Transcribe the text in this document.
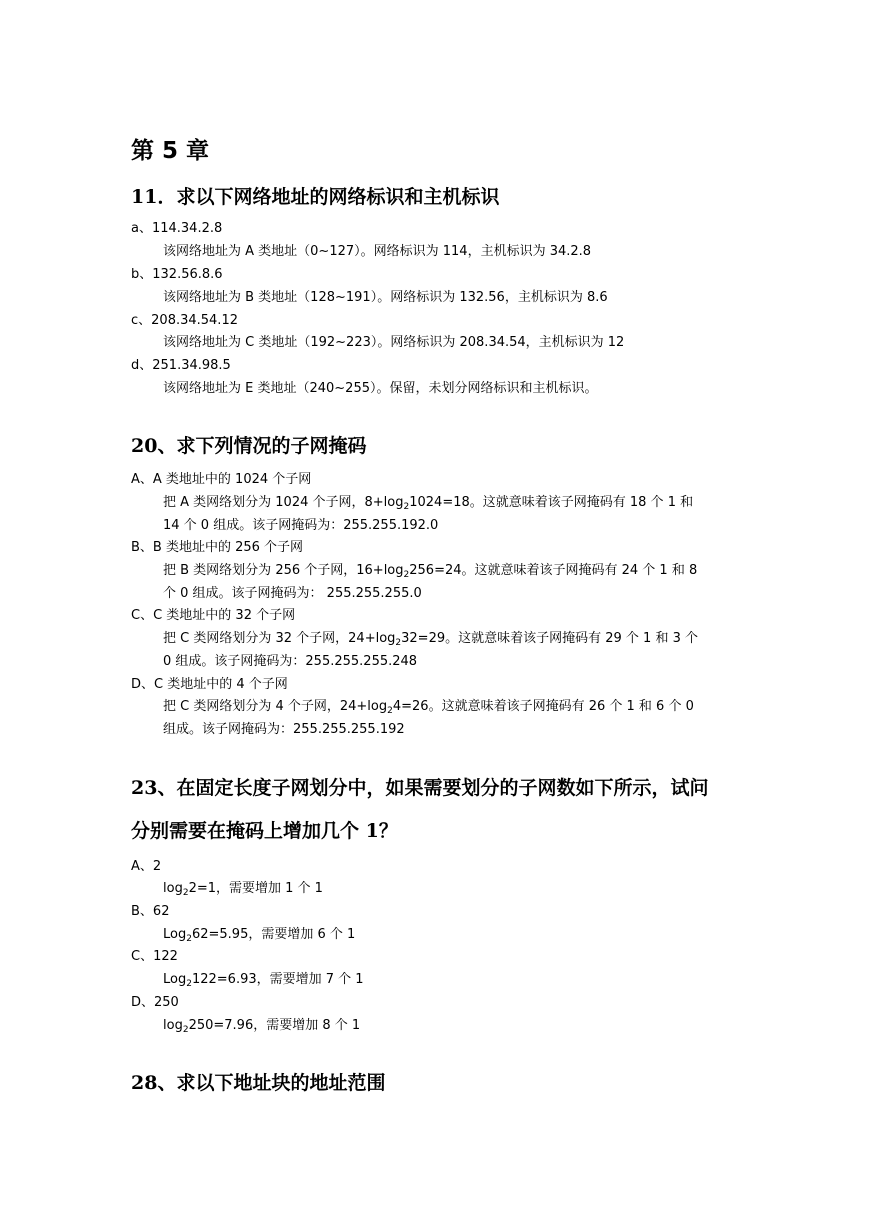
第 5 章
11．求以下网络地址的网络标识和主机标识
a、114.34.2.8
该网络地址为 A 类地址（0~127）。网络标识为 114，主机标识为 34.2.8
b、132.56.8.6
该网络地址为 B 类地址（128~191）。网络标识为 132.56，主机标识为 8.6
c、208.34.54.12
该网络地址为 C 类地址（192~223）。网络标识为 208.34.54，主机标识为 12
d、251.34.98.5
该网络地址为 E 类地址（240~255）。保留，未划分网络标识和主机标识。
20、求下列情况的子网掩码
A、A 类地址中的 1024 个子网
把 A 类网络划分为 1024 个子网，$8+\log_21024=18$。这就意味着该子网掩码有 18 个 1 和
14 个 0 组成。该子网掩码为：255.255.192.0
B、B 类地址中的 256 个子网
把 B 类网络划分为 256 个子网，$16+\log_2256=24$。这就意味着该子网掩码有 24 个 1 和 8
个 0 组成。该子网掩码为： 255.255.255.0
C、C 类地址中的 32 个子网
把 C 类网络划分为 32 个子网，$24+\log_232=29$。这就意味着该子网掩码有 29 个 1 和 3 个
0 组成。该子网掩码为：255.255.255.248
D、C 类地址中的 4 个子网
把 C 类网络划分为 4 个子网，$24+\log_24=26$。这就意味着该子网掩码有 26 个 1 和 6 个 0
组成。该子网掩码为：255.255.255.192
23、在固定长度子网划分中，如果需要划分的子网数如下所示，试问
分别需要在掩码上增加几个 1？
A、2
$\log_22=1$，需要增加 1 个 1
B、62
Log$_2$62=5.95，需要增加 6 个 1
C、122
Log$_2$122=6.93，需要增加 7 个 1
D、250
$\log_2250=7.96$，需要增加 8 个 1
28、求以下地址块的地址范围
